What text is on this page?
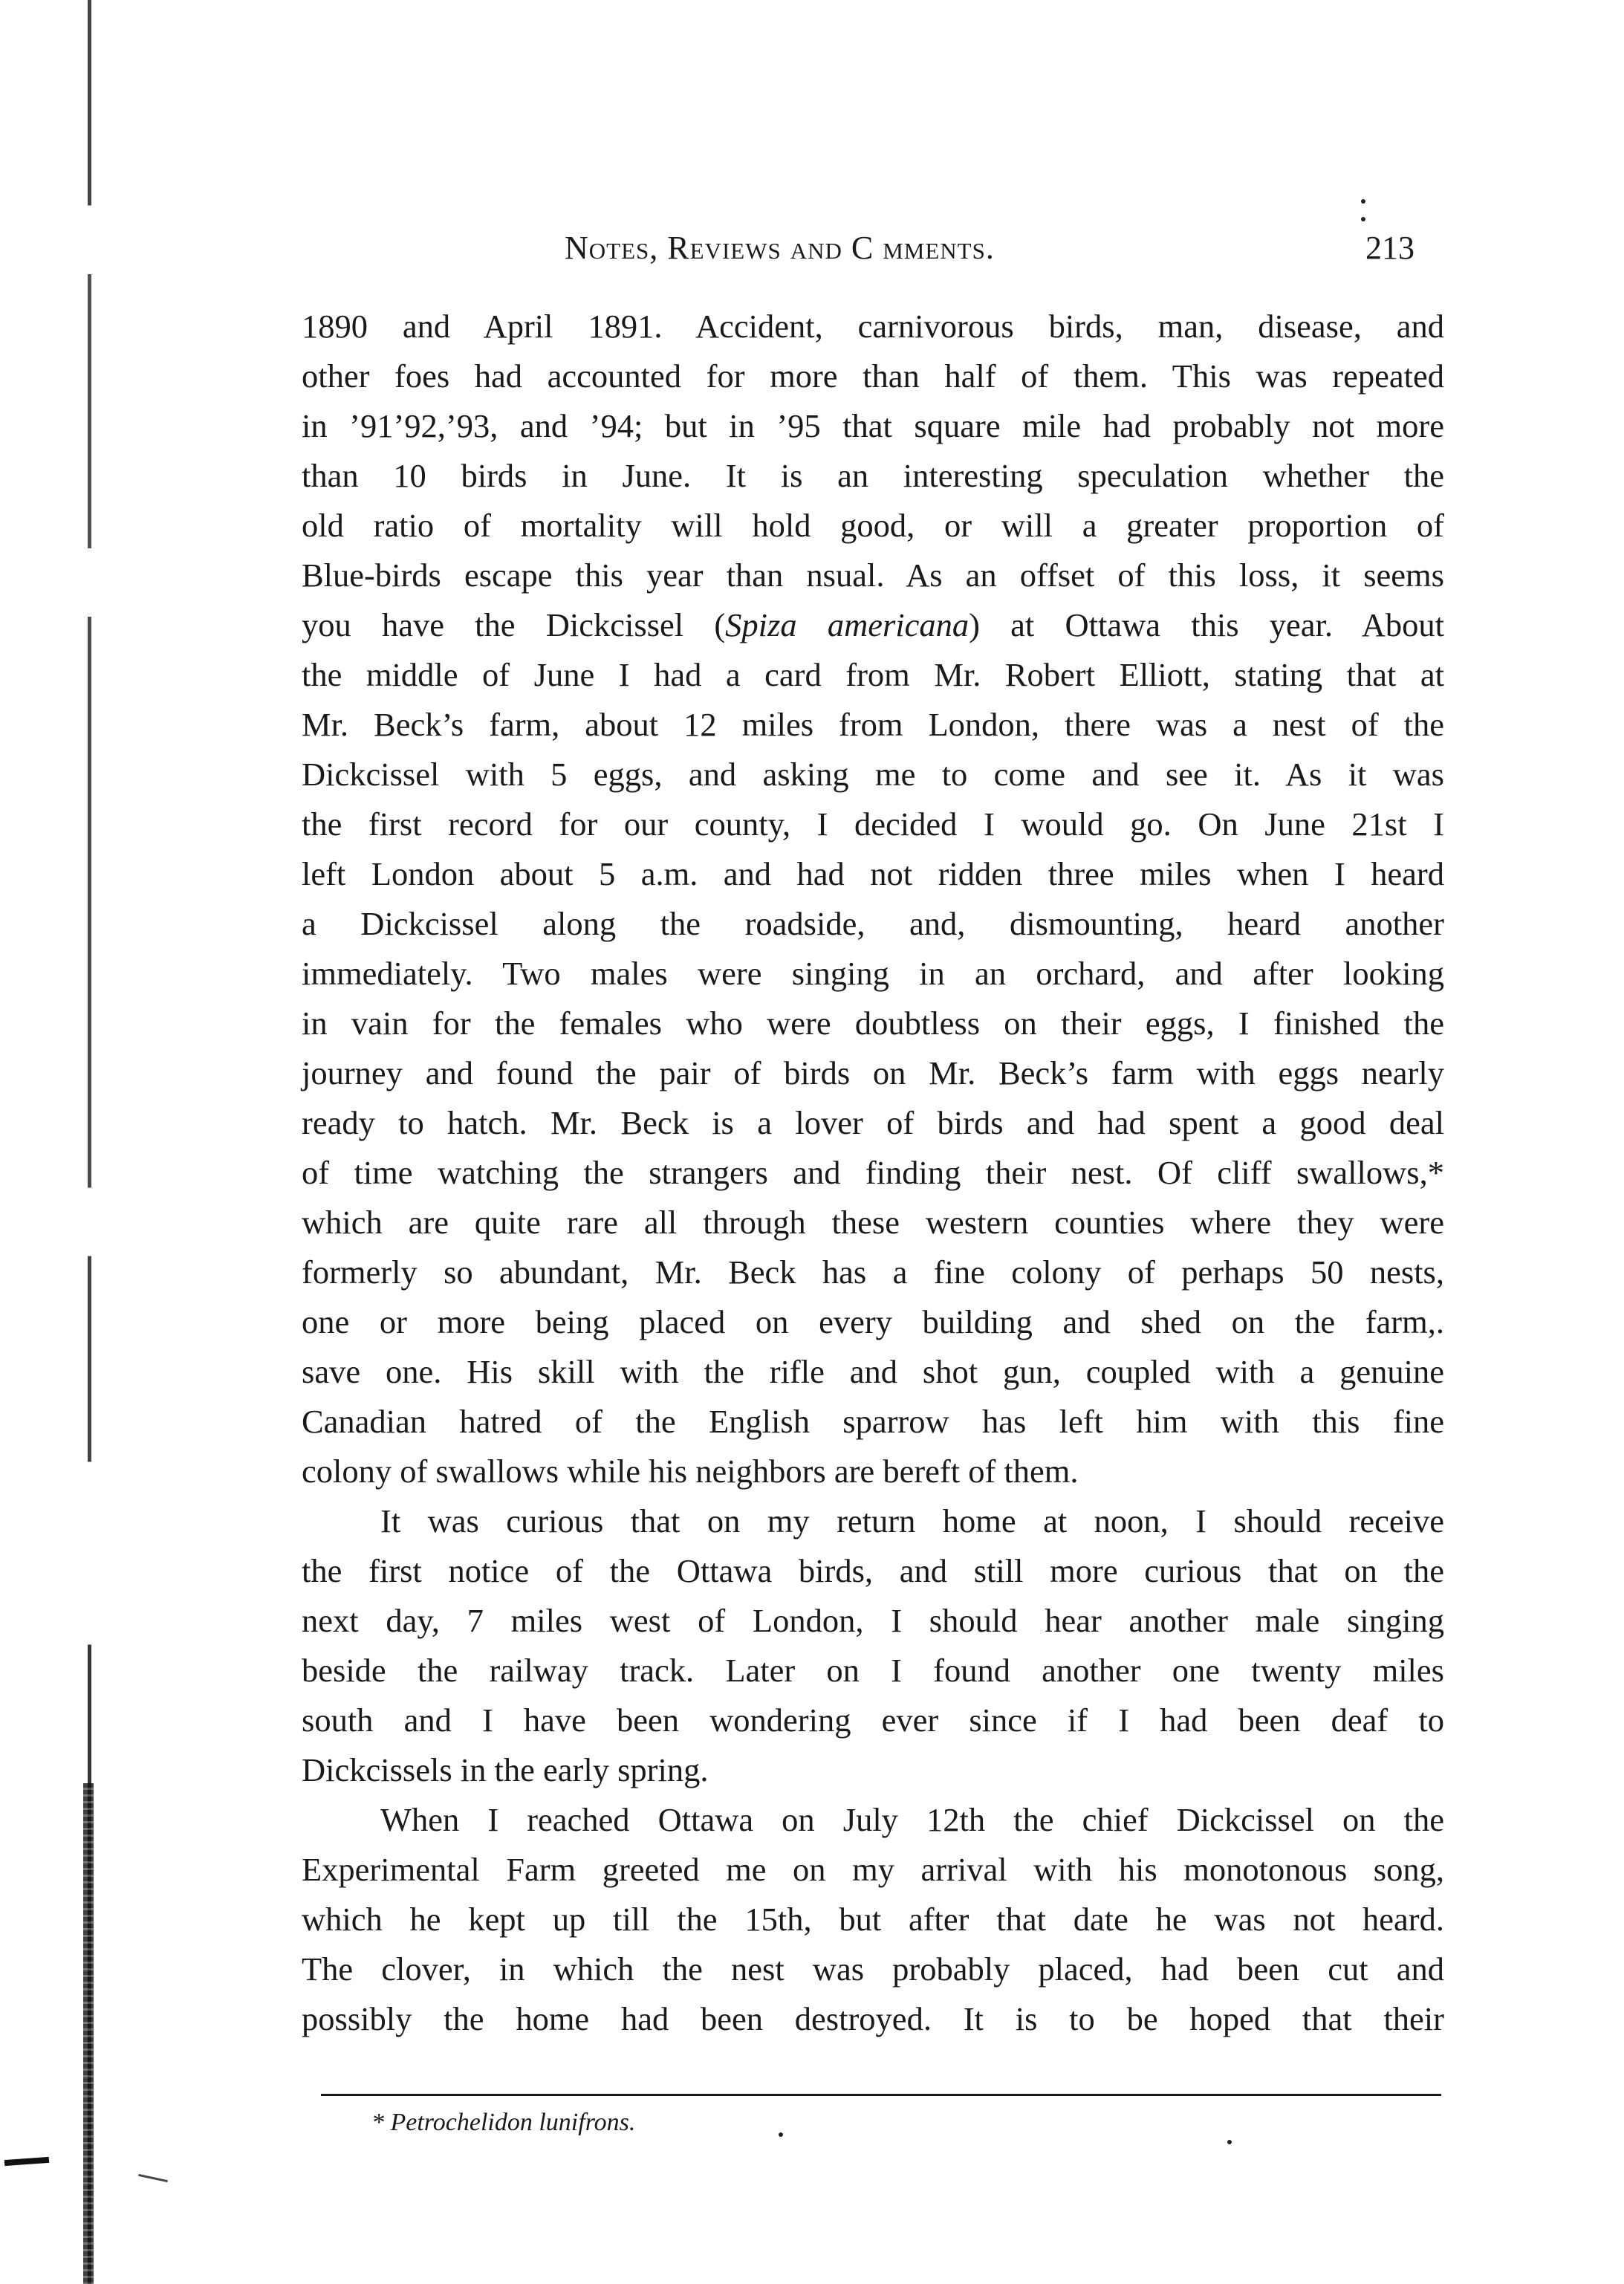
Notes, Reviews and C mments.	213

1890 and April 1891. Accident, carnivorous birds, man, disease, and
other foes had accounted for more than half of them. This was repeated
in ’91’92,’93, and ’94; but in ’95 that square mile had probably not more
than 10 birds in June. It is an interesting speculation whether the
old ratio of mortality will hold good, or will a greater proportion of
Blue-birds escape this year than nsual. As an offset of this loss, it seems
you have the Dickcissel (Spiza americana) at Ottawa this year. About
the middle of June I had a card from Mr. Robert Elliott, stating that at
Mr. Beck’s farm, about 12 miles from London, there was a nest of the
Dickcissel with 5 eggs, and asking me to come and see it. As it was
the first record for our county, I decided I would go. On June 21st I
left London about 5 a.m. and had not ridden three miles when I heard
a Dickcissel along the roadside, and, dismounting, heard another
immediately. Two males were singing in an orchard, and after looking
in vain for the females who were doubtless on their eggs, I finished the
journey and found the pair of birds on Mr. Beck’s farm with eggs nearly
ready to hatch. Mr. Beck is a lover of birds and had spent a good deal
of time watching the strangers and finding their nest. Of cliff swallows,*
which are quite rare all through these western counties where they were
formerly so abundant, Mr. Beck has a fine colony of perhaps 50 nests,
one or more being placed on every building and shed on the farm,.
save one. His skill with the rifle and shot gun, coupled with a genuine
Canadian hatred of the English sparrow has left him with this fine
colony of swallows while his neighbors are bereft of them.

It was curious that on my return home at noon, I should receive
the first notice of the Ottawa birds, and still more curious that on the
next day, 7 miles west of London, I should hear another male singing
beside the railway track. Later on I found another one twenty miles
south and I have been wondering ever since if I had been deaf to
Dickcissels in the early spring.

When I reached Ottawa on July 12th the chief Dickcissel on the
Experimental Farm greeted me on my arrival with his monotonous song,
which he kept up till the 15th, but after that date he was not heard.
The clover, in which the nest was probably placed, had been cut and
possibly the home had been destroyed. It is to be hoped that their

* Petrochelidon lunifrons.
